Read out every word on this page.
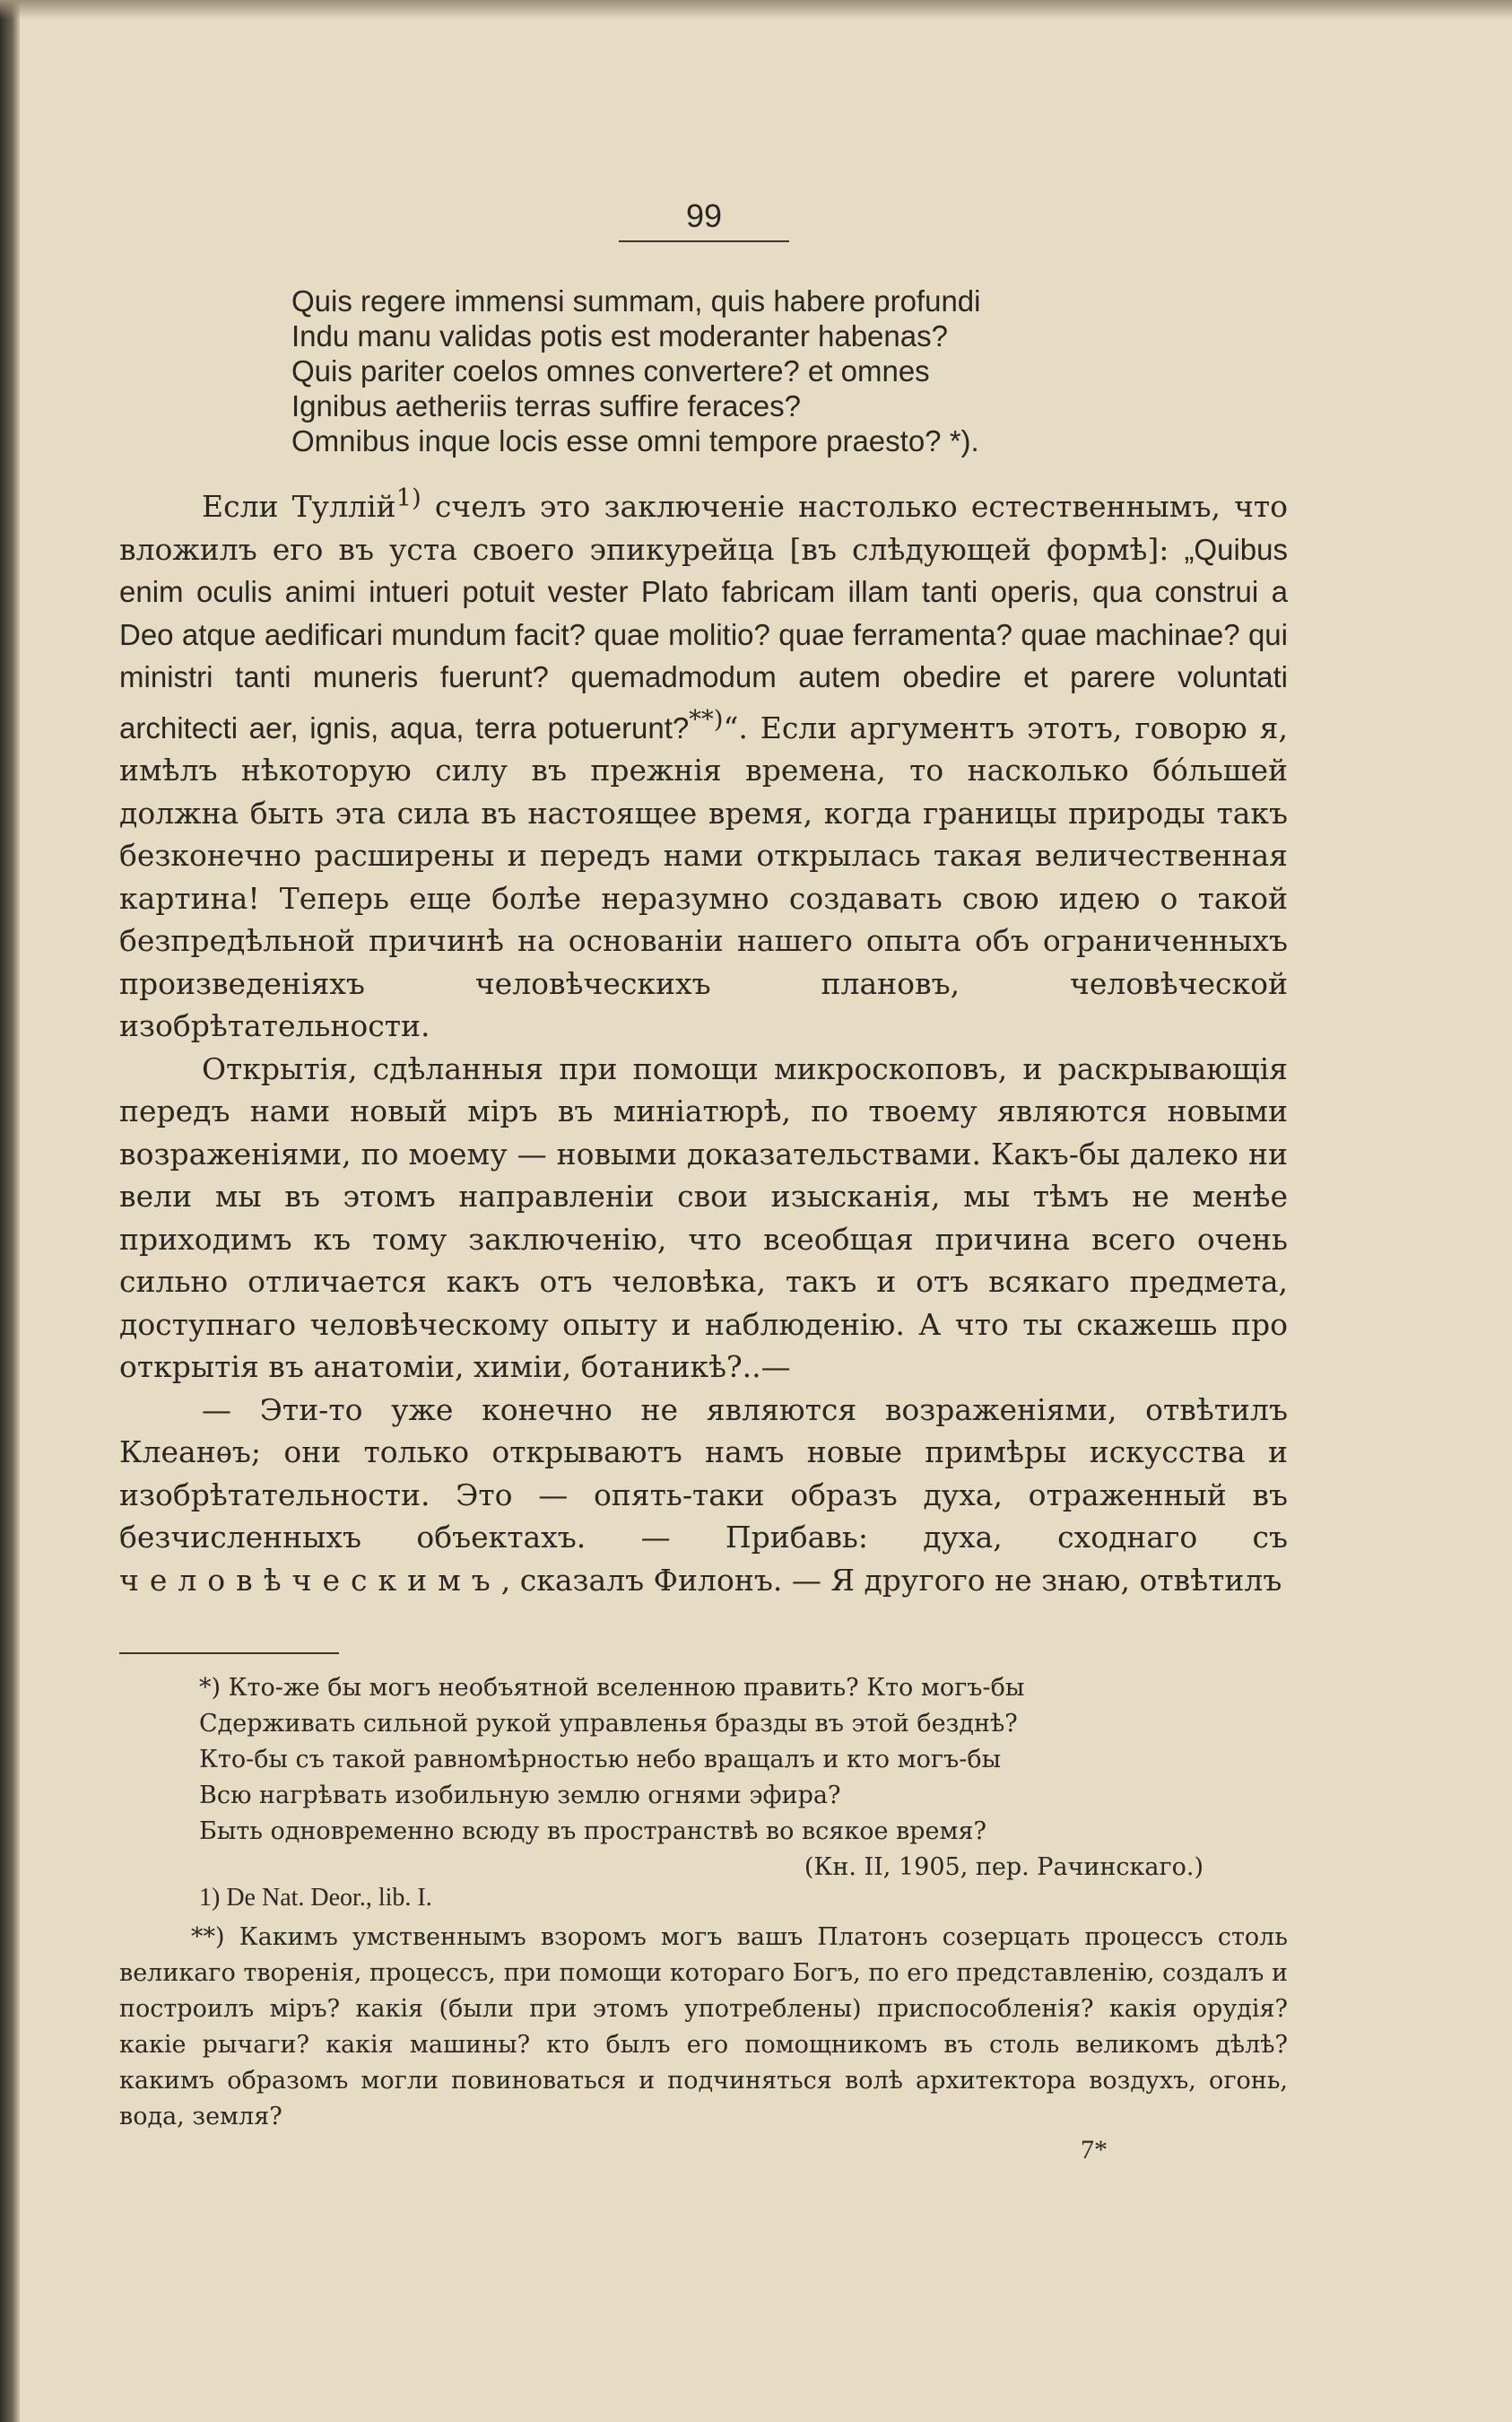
99
Quis regere immensi summam, quis habere profundi
Indu manu validas potis est moderanter habenas?
Quis pariter coelos omnes convertere? et omnes
Ignibus aetheriis terras suffire feraces?
Omnibus inque locis esse omni tempore praesto? *).

Если Туллій$^{1)}$ счелъ это заключеніе настолько естественнымъ, что вложилъ его въ уста своего эпикурейца [въ слѣдующей формѣ]: „Quibus enim oculis animi intueri potuit vester Plato fabricam illam tanti operis, qua construi a Deo atque aedificari mundum facit? quae molitio? quae ferramenta? quae machinae? qui ministri tanti muneris fuerunt? quemadmodum autem obedire et parere voluntati architecti aer, ignis, aqua, terra potuerunt?**)“. Если аргументъ этотъ, говорю я, имѣлъ нѣкоторую силу въ прежнія времена, то насколько бо́льшей должна быть эта сила въ настоящее время, когда границы природы такъ безконечно расширены и передъ нами открылась такая величественная картина! Теперь еще болѣе неразумно создавать свою идею о такой безпредѣльной причинѣ на основаніи нашего опыта объ ограниченныхъ произведеніяхъ человѣческихъ плановъ, человѣческой изобрѣтательности.

Открытія, сдѣланныя при помощи микроскоповъ, и раскрывающія передъ нами новый міръ въ миніатюрѣ, по твоему являются новыми возраженіями, по моему — новыми доказательствами. Какъ-бы далеко ни вели мы въ этомъ направленіи свои изысканія, мы тѣмъ не менѣе приходимъ къ тому заключенію, что всеобщая причина всего очень сильно отличается какъ отъ человѣка, такъ и отъ всякаго предмета, доступнаго человѣческому опыту и наблюденію. А что ты скажешь про открытія въ анатоміи, химіи, ботаникѣ?..—

— Эти-то уже конечно не являются возраженіями, отвѣтилъ Клеанѳъ; они только открываютъ намъ новые примѣры искусства и изобрѣтательности. Это — опять-таки образъ духа, отраженный въ безчисленныхъ объектахъ. — Прибавь: духа, сходнаго съ человѣческимъ, сказалъ Филонъ. — Я другого не знаю, отвѣтилъ

*) Кто-же бы могъ необъятной вселенною править? Кто могъ-бы
Сдерживать сильной рукой управленья бразды въ этой безднѣ?
Кто-бы съ такой равномѣрностью небо вращалъ и кто могъ-бы
Всю нагрѣвать изобильную землю огнями эфира?
Быть одновременно всюду въ пространствѣ во всякое время?
(Кн. II, 1905, пер. Рачинскаго.)
1) De Nat. Deor., lib. I.

**) Какимъ умственнымъ взоромъ могъ вашъ Платонъ созерцать процессъ столь великаго творенія, процессъ, при помощи котораго Богъ, по его представленію, создалъ и построилъ міръ? какія (были при этомъ употреблены) приспособленія? какія орудія? какіе рычаги? какія машины? кто былъ его помощникомъ въ столь великомъ дѣлѣ? какимъ образомъ могли повиноваться и подчиняться волѣ архитектора воздухъ, огонь, вода, земля?

7*
